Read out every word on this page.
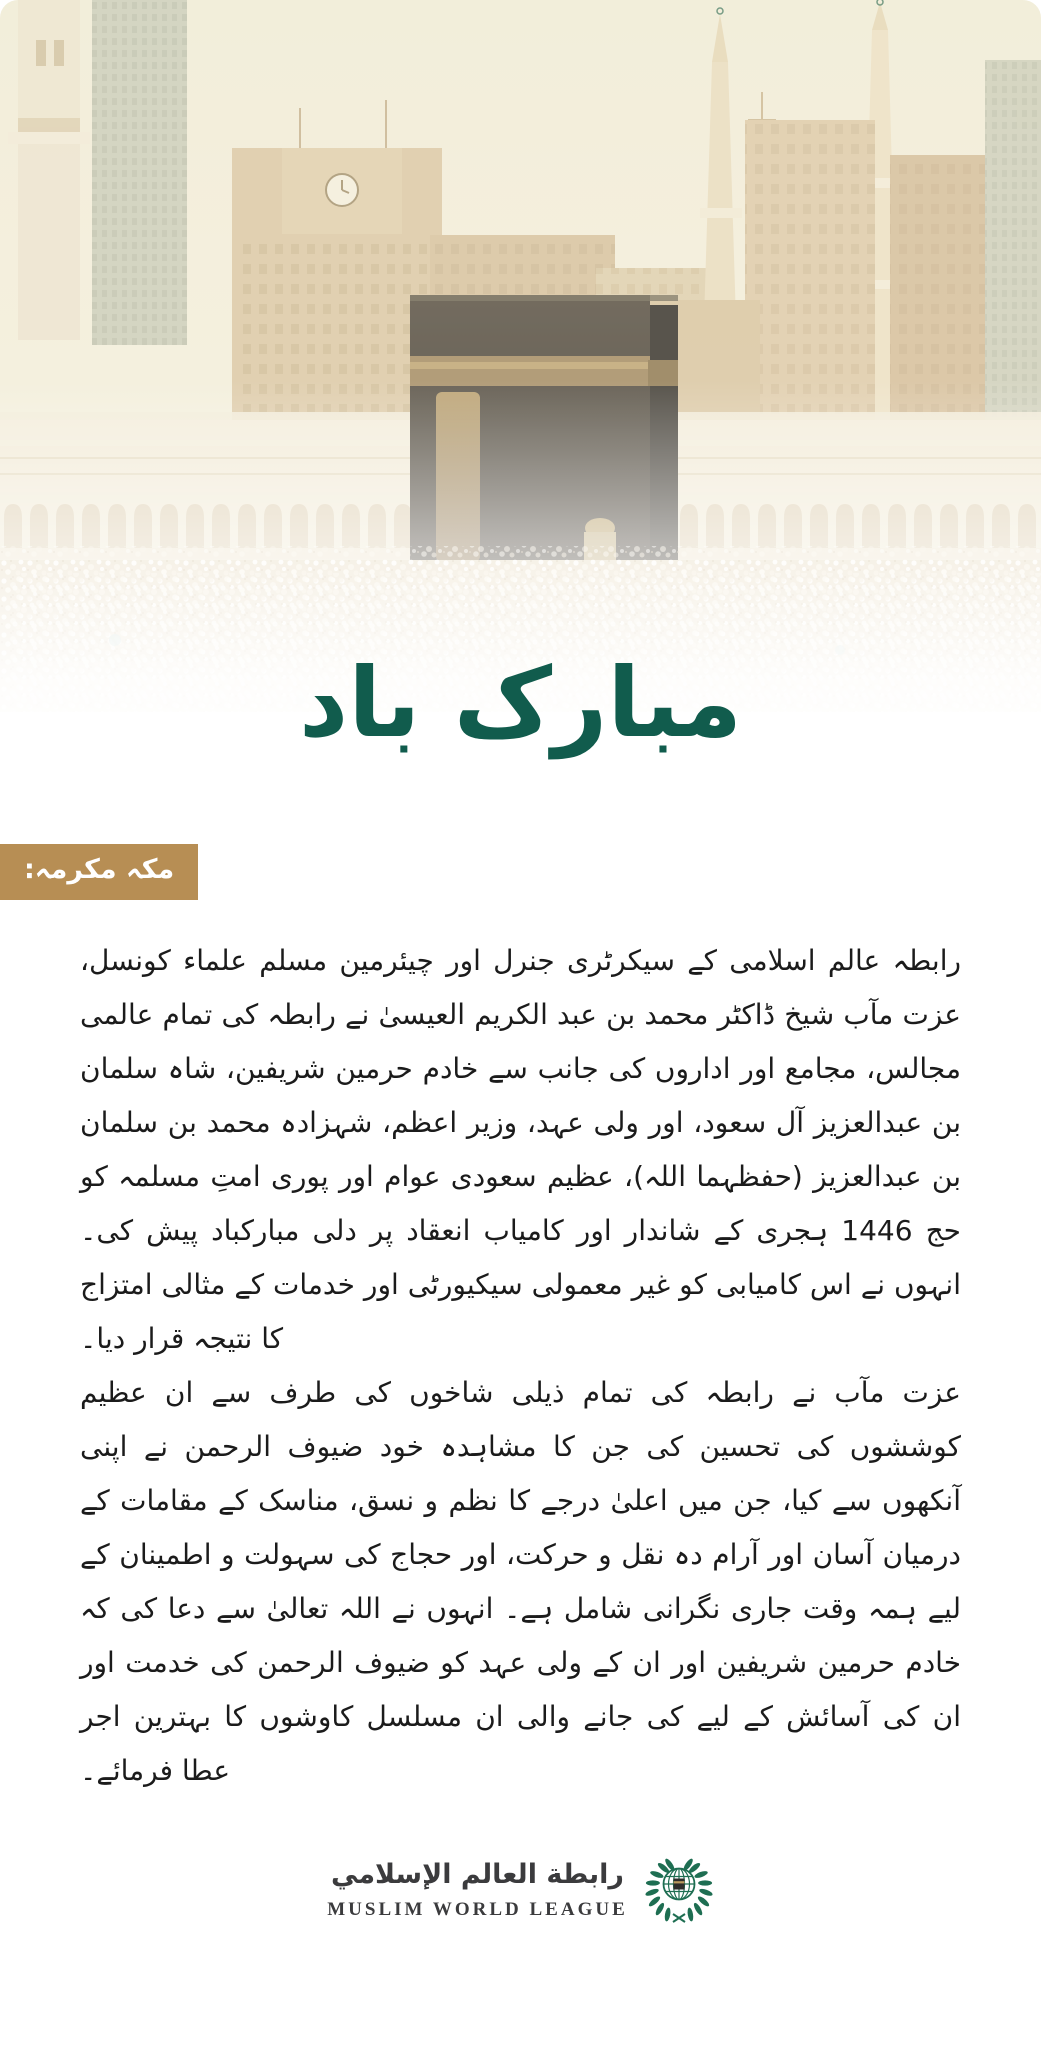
مبارک باد
مکہ مکرمہ:

رابطہ عالم اسلامی کے سیکرٹری جنرل اور چیئرمین مسلم علماء کونسل، عزت مآب شیخ ڈاکٹر محمد بن عبد الکریم العیسیٰ نے رابطہ کی تمام عالمی مجالس، مجامع اور اداروں کی جانب سے خادم حرمین شریفین، شاہ سلمان بن عبدالعزیز آل سعود، اور ولی عہد، وزیر اعظم، شہزادہ محمد بن سلمان بن عبدالعزیز (حفظہما اللہ)، عظیم سعودی عوام اور پوری امتِ مسلمہ کو حج 1446 ہجری کے شاندار اور کامیاب انعقاد پر دلی مبارکباد پیش کی۔ انہوں نے اس کامیابی کو غیر معمولی سیکیورٹی اور خدمات کے مثالی امتزاج کا نتیجہ قرار دیا۔

عزت مآب نے رابطہ کی تمام ذیلی شاخوں کی طرف سے ان عظیم کوششوں کی تحسین کی جن کا مشاہدہ خود ضیوف الرحمن نے اپنی آنکھوں سے کیا، جن میں اعلیٰ درجے کا نظم و نسق، مناسک کے مقامات کے درمیان آسان اور آرام دہ نقل و حرکت، اور حجاج کی سہولت و اطمینان کے لیے ہمہ وقت جاری نگرانی شامل ہے۔ انہوں نے اللہ تعالیٰ سے دعا کی کہ خادم حرمین شریفین اور ان کے ولی عہد کو ضیوف الرحمن کی خدمت اور ان کی آسائش کے لیے کی جانے والی ان مسلسل کاوشوں کا بہترین اجر عطا فرمائے۔

رابطة العالم الإسلامي
MUSLIM WORLD LEAGUE
